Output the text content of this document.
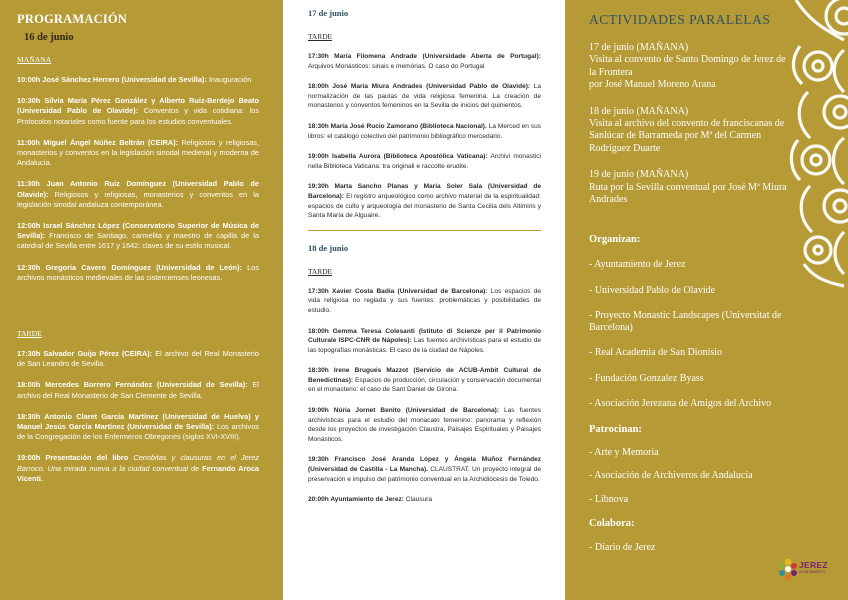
PROGRAMACIÓN
16 de junio
MAÑANA
10:00h José Sánchez Herrero (Universidad de Sevilla): Inauguración
10:30h Silvia María Pérez González y Alberto Ruiz-Berdejo Beato (Universidad Pablo de Olavide): Conventos y vida cotidiana: los Protocolos notariales como fuente para los estudios conventuales.
11:00h Miguel Ángel Núñez Beltrán (CEIRA): Religiosos y religiosas, monasterios y conventos en la legislación sinodal medieval y moderna de Andalucía.
11:30h Juan Antonio Ruiz Domínguez (Universidad Pablo de Olavide): Religiosos y religiosas, monasterios y conventos en la legislación sinodal andaluza contemporánea.
12:00h Israel Sánchez López (Conservatorio Superior de Música de Sevilla): Francisco de Santiago, carmelita y maestro de capilla de la catedral de Sevilla entre 1617 y 1642: claves de su estilo musical.
12:30h Gregoria Cavero Domínguez (Universidad de León): Los archivos monásticos medievales de las cistercienses leonesas.
TARDE
17:30h Salvador Guijo Pérez (CEIRA): El archivo del Real Monasterio de San Leandro de Sevilla.
18:00h Mercedes Borrero Fernández (Universidad de Sevilla): El archivo del Real Monasterio de San Clemente de Sevilla.
18:30h Antonio Claret García Martínez (Universidad de Huelva) y Manuel Jesús García Martínez (Universidad de Sevilla): Los archivos de la Congregación de los Enfermeros Obregones (siglos XVI-XVIII).
19:00h Presentación del libro Cenobitas y clausuras en el Jerez Barroco. Una mirada nueva a la ciudad conventual de Fernando Aroca Vicenti.
17 de junio
TARDE
17:30h María Filomena Andrade (Universidade Aberta de Portugal): Arquivos Monásticos: sinais e memórias. O caso do Portugal
18:00h José María Miura Andrades (Universidad Pablo de Olavide): La normalización de las pautas de vida religiosa femenina. La creación de monasterios y conventos femeninos en la Sevilla de inicios del quinientos.
18:30h María José Rucio Zamorano (Biblioteca Nacional). La Merced en sus libros: el catálogo colectivo del patrimonio bibliográfico mercedario.
19:00h Isabella Aurora (Biblioteca Apostólica Vaticana): Archivi monastici nella Biblioteca Vaticana: tra originali e raccolte erudite.
19:30h Marta Sancho Planas y María Soler Sala (Universidad de Barcelona): El registro arqueológico como archivo material de la espiritualidad: espacios de culto y arqueología del monasterio de Santa Cecilia dels Altimiris y Santa María de Alguaire.
18 de junio
TARDE
17:30h Xavier Costa Badia (Universidad de Barcelona): Los espacios de vida religiosa no reglada y sus fuentes: problemáticas y posibilidades de estudio.
18:00h Gemma Teresa Colesanti (Istituto di Scienze per il Patrimonio Culturale ISPC-CNR de Nápoles): Las fuentes archivísticas para el estudio de las topografías monásticas. El caso de la ciudad de Nápoles.
18:30h Irene Brugués Mazzot (Servicio de ACUB-Ambit Cultural de Benedictinas): Espacios de producción, circulación y conservación documental en el monasterio: el caso de Sant Daniel de Girona.
19:00h Núria Jornet Benito (Universidad de Barcelona): Las fuentes archivísticas para el estudio del monacato femenino: panorama y reflexión desde los proyectos de investigación Claustra, Paisajes Espirituales y Paisajes Monásticos.
19:30h Francisco José Aranda López y Ángela Muñoz Fernández (Universidad de Castilla - La Mancha). CLAUSTRAT. Un proyecto integral de preservación e impulso del patrimonio conventual en la Archidiócesis de Toledo.
20:00h Ayuntamiento de Jerez: Clausura
ACTIVIDADES PARALELAS
17 de junio (MAÑANA)
Visita al convento de Santo Domingo de Jerez de la Frontera
por José Manuel Moreno Arana
18 de junio (MAÑANA)
Visita al archivo del convento de franciscanas de Sanlúcar de Barrameda por Mª del Carmen Rodríguez Duarte
19 de junio (MAÑANA)
Ruta por la Sevilla conventual por José Mª Miura Andrades
Organizan:
- Ayuntamiento de Jerez
- Universidad Pablo de Olavide
- Proyecto Monastic Landscapes (Universitat de Barcelona)
- Real Academia de San Dionisio
- Fundación Gonzalez Byass
- Asociación Jerezana de Amigos del Archivo
Patrocinan:
- Arte y Memoria
- Asociación de Archiveros de Andalucía
- Libnova
Colabora:
- Diario de Jerez
JEREZ
AYUNTAMIENTO
